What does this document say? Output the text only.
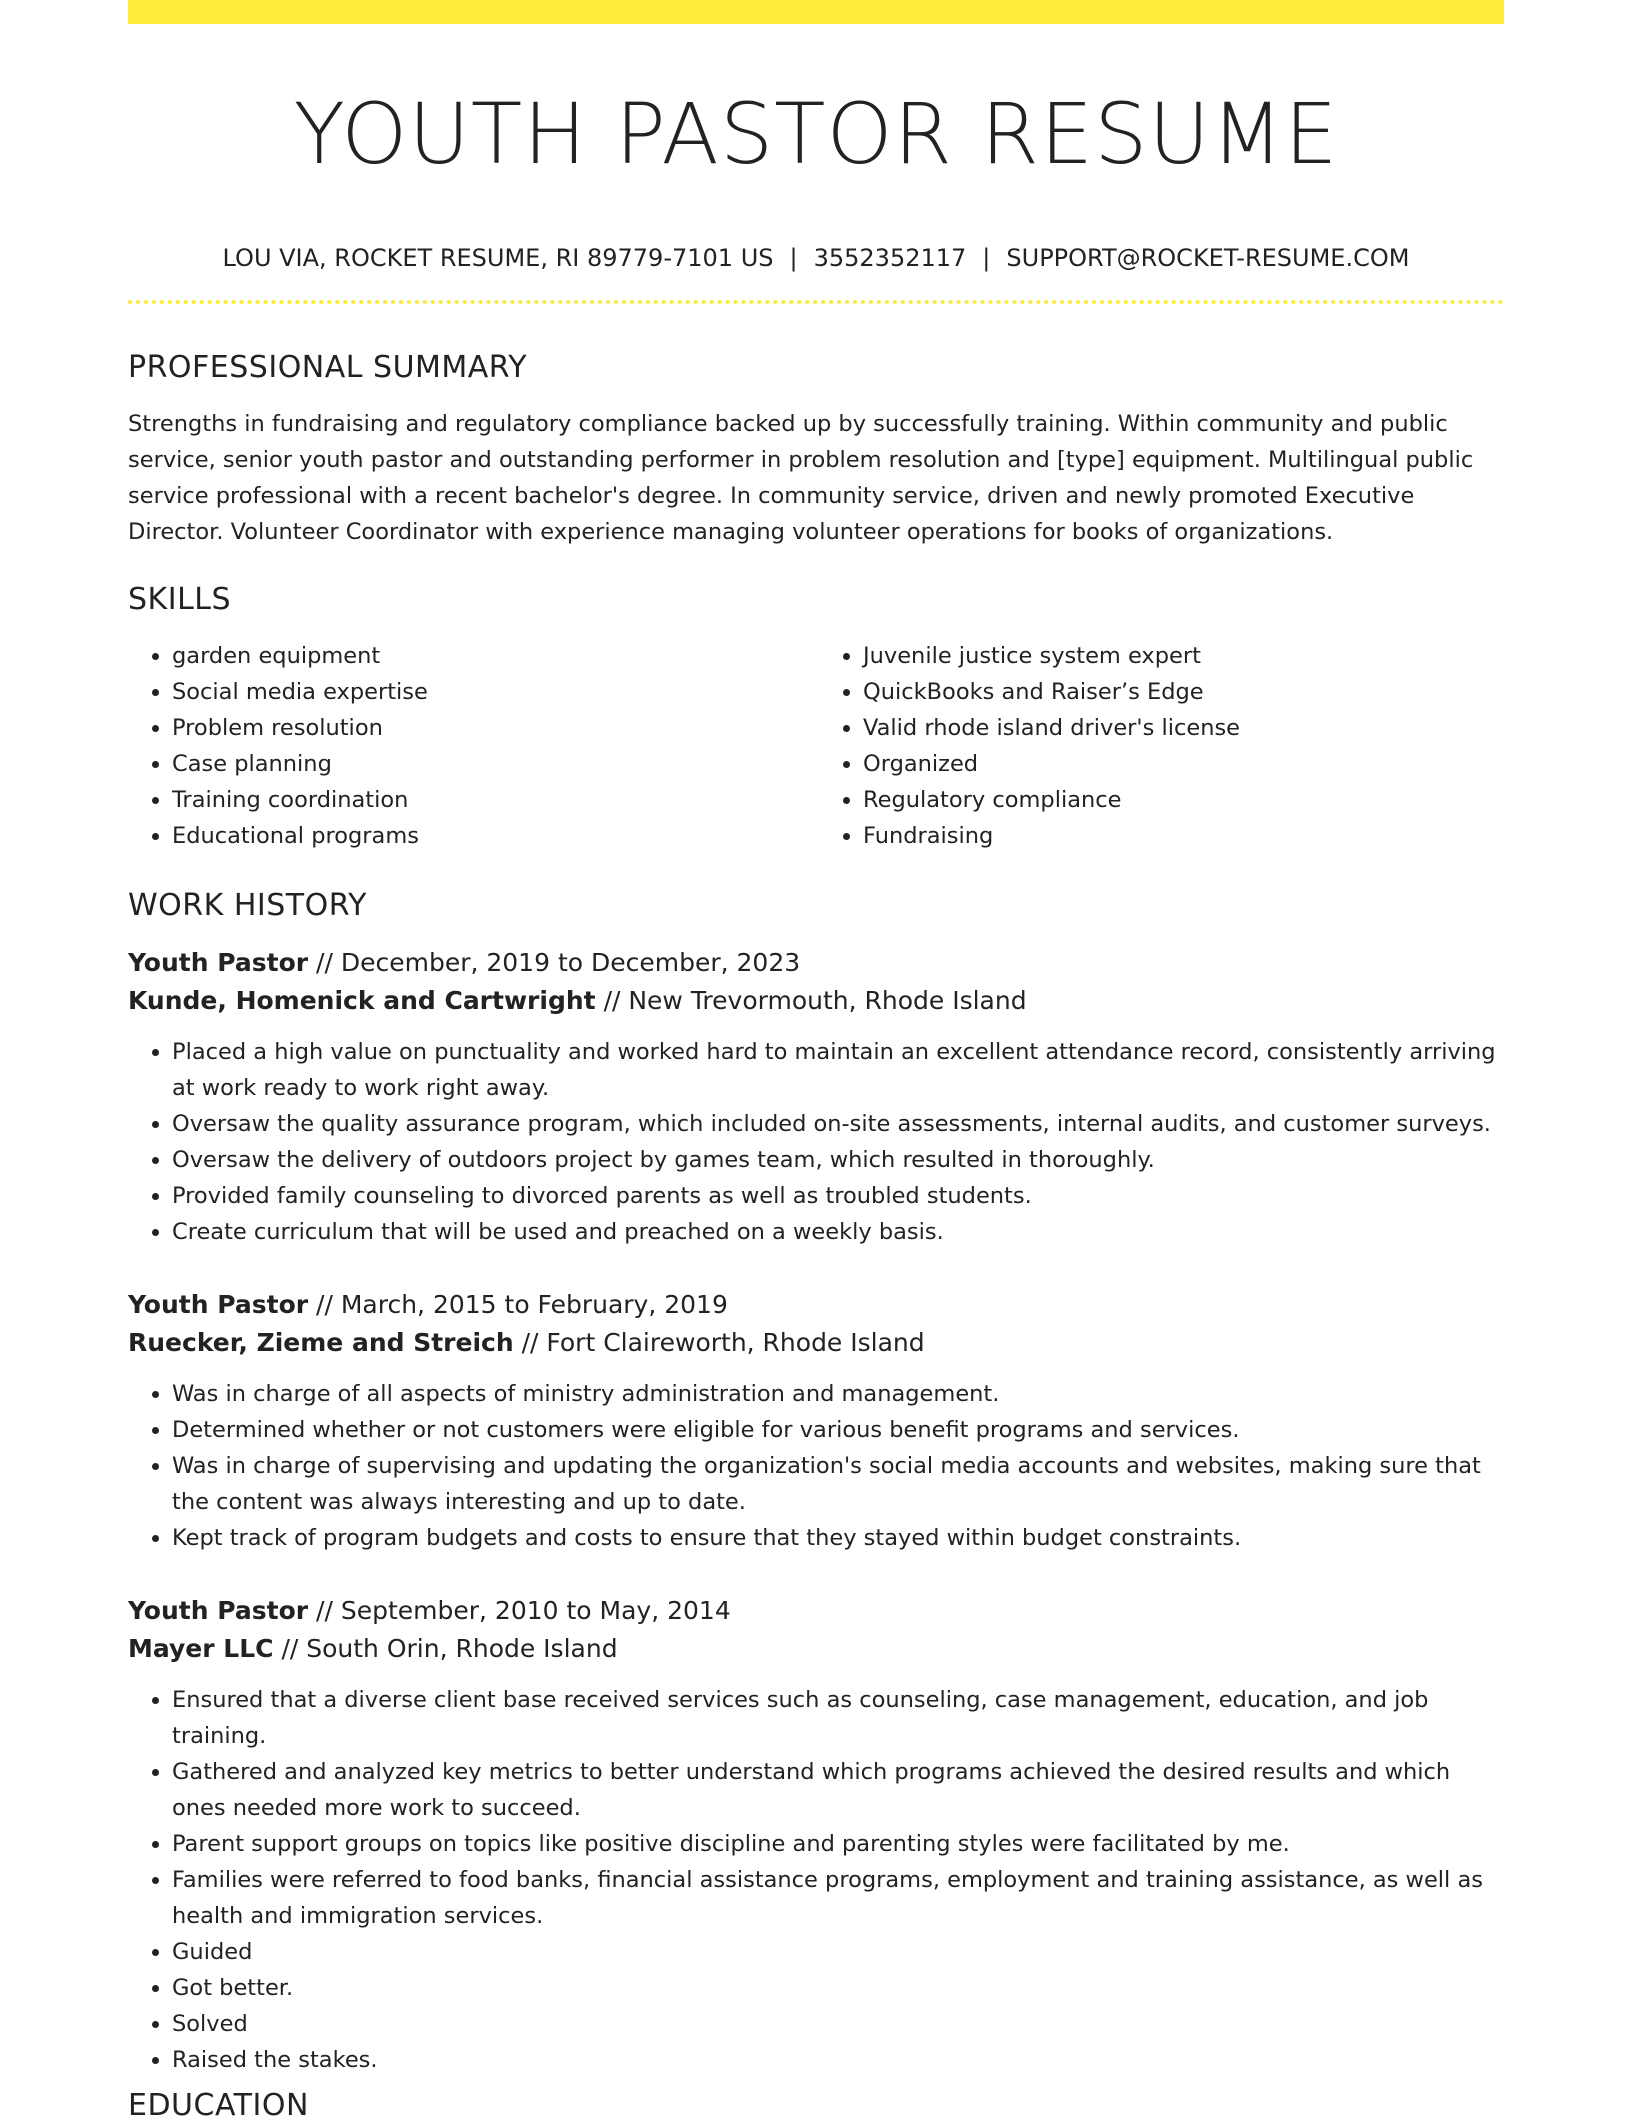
YOUTH PASTOR RESUME
LOU VIA, ROCKET RESUME, RI 89779-7101 US | 3552352117 | SUPPORT@ROCKET-RESUME.COM
PROFESSIONAL SUMMARY

Strengths in fundraising and regulatory compliance backed up by successfully training. Within community and public service, senior youth pastor and outstanding performer in problem resolution and [type] equipment. Multilingual public service professional with a recent bachelor's degree. In community service, driven and newly promoted Executive Director. Volunteer Coordinator with experience managing volunteer operations for books of organizations.

SKILLS
• garden equipment
• Social media expertise
• Problem resolution
• Case planning
• Training coordination
• Educational programs
• Juvenile justice system expert
• QuickBooks and Raiser’s Edge
• Valid rhode island driver's license
• Organized
• Regulatory compliance
• Fundraising
WORK HISTORY
Youth Pastor // December, 2019 to December, 2023
Kunde, Homenick and Cartwright // New Trevormouth, Rhode Island
• Placed a high value on punctuality and worked hard to maintain an excellent attendance record, consistently arriving at work ready to work right away.
• Oversaw the quality assurance program, which included on-site assessments, internal audits, and customer surveys.
• Oversaw the delivery of outdoors project by games team, which resulted in thoroughly.
• Provided family counseling to divorced parents as well as troubled students.
• Create curriculum that will be used and preached on a weekly basis.
Youth Pastor // March, 2015 to February, 2019
Ruecker, Zieme and Streich // Fort Claireworth, Rhode Island
• Was in charge of all aspects of ministry administration and management.
• Determined whether or not customers were eligible for various benefit programs and services.
• Was in charge of supervising and updating the organization's social media accounts and websites, making sure that the content was always interesting and up to date.
• Kept track of program budgets and costs to ensure that they stayed within budget constraints.
Youth Pastor // September, 2010 to May, 2014
Mayer LLC // South Orin, Rhode Island
• Ensured that a diverse client base received services such as counseling, case management, education, and job training.
• Gathered and analyzed key metrics to better understand which programs achieved the desired results and which ones needed more work to succeed.
• Parent support groups on topics like positive discipline and parenting styles were facilitated by me.
• Families were referred to food banks, financial assistance programs, employment and training assistance, as well as health and immigration services.
• Guided
• Got better.
• Solved
• Raised the stakes.
EDUCATION
